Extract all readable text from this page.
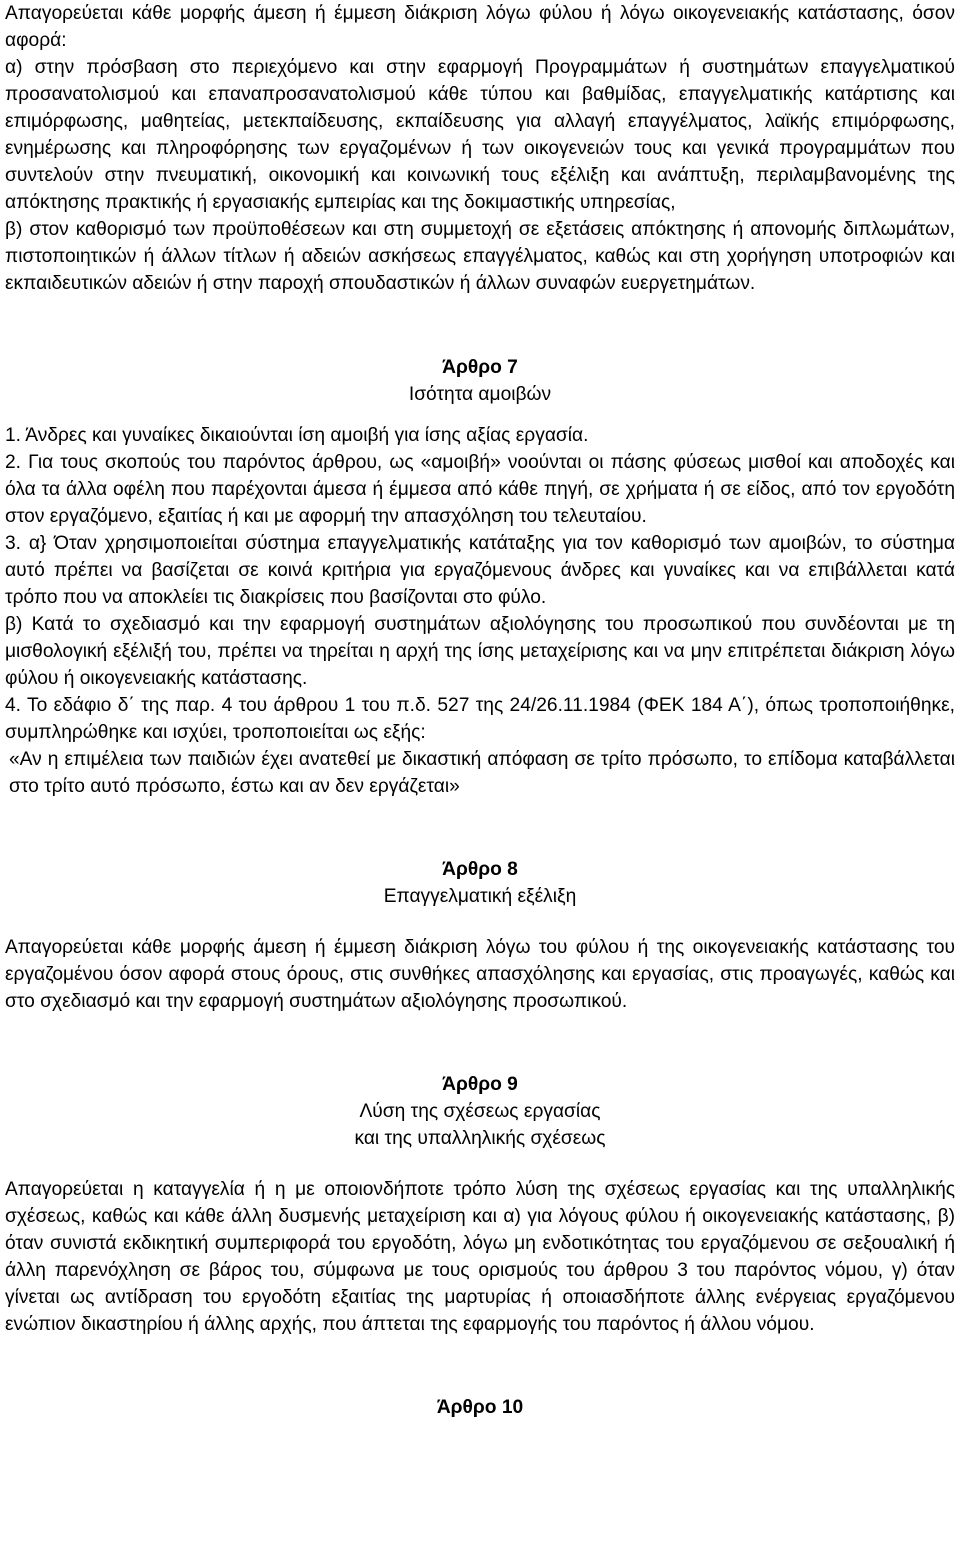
Απαγορεύεται κάθε μορφής άμεση ή έμμεση διάκριση λόγω φύλου ή λόγω οικογενειακής κατάστασης, όσον αφορά:

α) στην πρόσβαση στο περιεχόμενο και στην εφαρμογή Προγραμμάτων ή συστημάτων επαγγελματικού προσανατολισμού και επαναπροσανατολισμού κάθε τύπου και βαθμίδας, επαγγελματικής κατάρτισης και επιμόρφωσης, μαθητείας, μετεκπαίδευσης, εκπαίδευσης για αλλαγή επαγγέλματος, λαϊκής επιμόρφωσης, ενημέρωσης και πληροφόρησης των εργαζομένων ή των οικογενειών τους και γενικά προγραμμάτων που συντελούν στην πνευματική, οικονομική και κοινωνική τους εξέλιξη και ανάπτυξη, περιλαμβανομένης της απόκτησης πρακτικής ή εργασιακής εμπειρίας και της δοκιμαστικής υπηρεσίας,

β) στον καθορισμό των προϋποθέσεων και στη συμμετοχή σε εξετάσεις απόκτησης ή απονομής διπλωμάτων, πιστοποιητικών ή άλλων τίτλων ή αδειών ασκήσεως επαγγέλματος, καθώς και στη χορήγηση υποτροφιών και εκπαιδευτικών αδειών ή στην παροχή σπουδαστικών ή άλλων συναφών ευεργετημάτων.

Άρθρο 7

Ισότητα αμοιβών

1. Άνδρες και γυναίκες δικαιούνται ίση αμοιβή για ίσης αξίας εργασία.

2. Για τους σκοπούς του παρόντος άρθρου, ως «αμοιβή» νοούνται οι πάσης φύσεως μισθοί και αποδοχές και όλα τα άλλα οφέλη που παρέχονται άμεσα ή έμμεσα από κάθε πηγή, σε χρήματα ή σε είδος, από τον εργοδότη στον εργαζόμενο, εξαιτίας ή και με αφορμή την απασχόληση του τελευταίου.

3. α} Όταν χρησιμοποιείται σύστημα επαγγελματικής κατάταξης για τον καθορισμό των αμοιβών, το σύστημα αυτό πρέπει να βασίζεται σε κοινά κριτήρια για εργαζόμενους άνδρες και γυναίκες και να επιβάλλεται κατά τρόπο που να αποκλείει τις διακρίσεις που βασίζονται στο φύλο.

β) Κατά το σχεδιασμό και την εφαρμογή συστημάτων αξιολόγησης του προσωπικού που συνδέονται με τη μισθολογική εξέλιξή του, πρέπει να τηρείται η αρχή της ίσης μεταχείρισης και να μην επιτρέπεται διάκριση λόγω φύλου ή οικογενειακής κατάστασης.

4. Το εδάφιο δ΄ της παρ. 4 του άρθρου 1 του π.δ. 527 της 24/26.11.1984 (ΦΕΚ 184 Α΄), όπως τροποποιήθηκε, συμπληρώθηκε και ισχύει, τροποποιείται ως εξής:

«Αν η επιμέλεια των παιδιών έχει ανατεθεί με δικαστική απόφαση σε τρίτο πρόσωπο, το επίδομα καταβάλλεται στο τρίτο αυτό πρόσωπο, έστω και αν δεν εργάζεται»

Άρθρο 8

Επαγγελματική εξέλιξη

Απαγορεύεται κάθε μορφής άμεση ή έμμεση διάκριση λόγω του φύλου ή της οικογενειακής κατάστασης του εργαζομένου όσον αφορά στους όρους, στις συνθήκες απασχόλησης και εργασίας, στις προαγωγές, καθώς και στο σχεδιασμό και την εφαρμογή συστημάτων αξιολόγησης προσωπικού.

Άρθρο 9

Λύση της σχέσεως εργασίας

και της υπαλληλικής σχέσεως

Απαγορεύεται η καταγγελία ή η με οποιονδήποτε τρόπο λύση της σχέσεως εργασίας και της υπαλληλικής σχέσεως, καθώς και κάθε άλλη δυσμενής μεταχείριση και α) για λόγους φύλου ή οικογενειακής κατάστασης, β) όταν συνιστά εκδικητική συμπεριφορά του εργοδότη, λόγω μη ενδοτικότητας του εργαζόμενου σε σεξουαλική ή άλλη παρενόχληση σε βάρος του, σύμφωνα με τους ορισμούς του άρθρου 3 του παρόντος νόμου, γ) όταν γίνεται ως αντίδραση του εργοδότη εξαιτίας της μαρτυρίας ή οποιασδήποτε άλλης ενέργειας εργαζόμενου ενώπιον δικαστηρίου ή άλλης αρχής, που άπτεται της εφαρμογής του παρόντος ή άλλου νόμου.

Άρθρο 10
